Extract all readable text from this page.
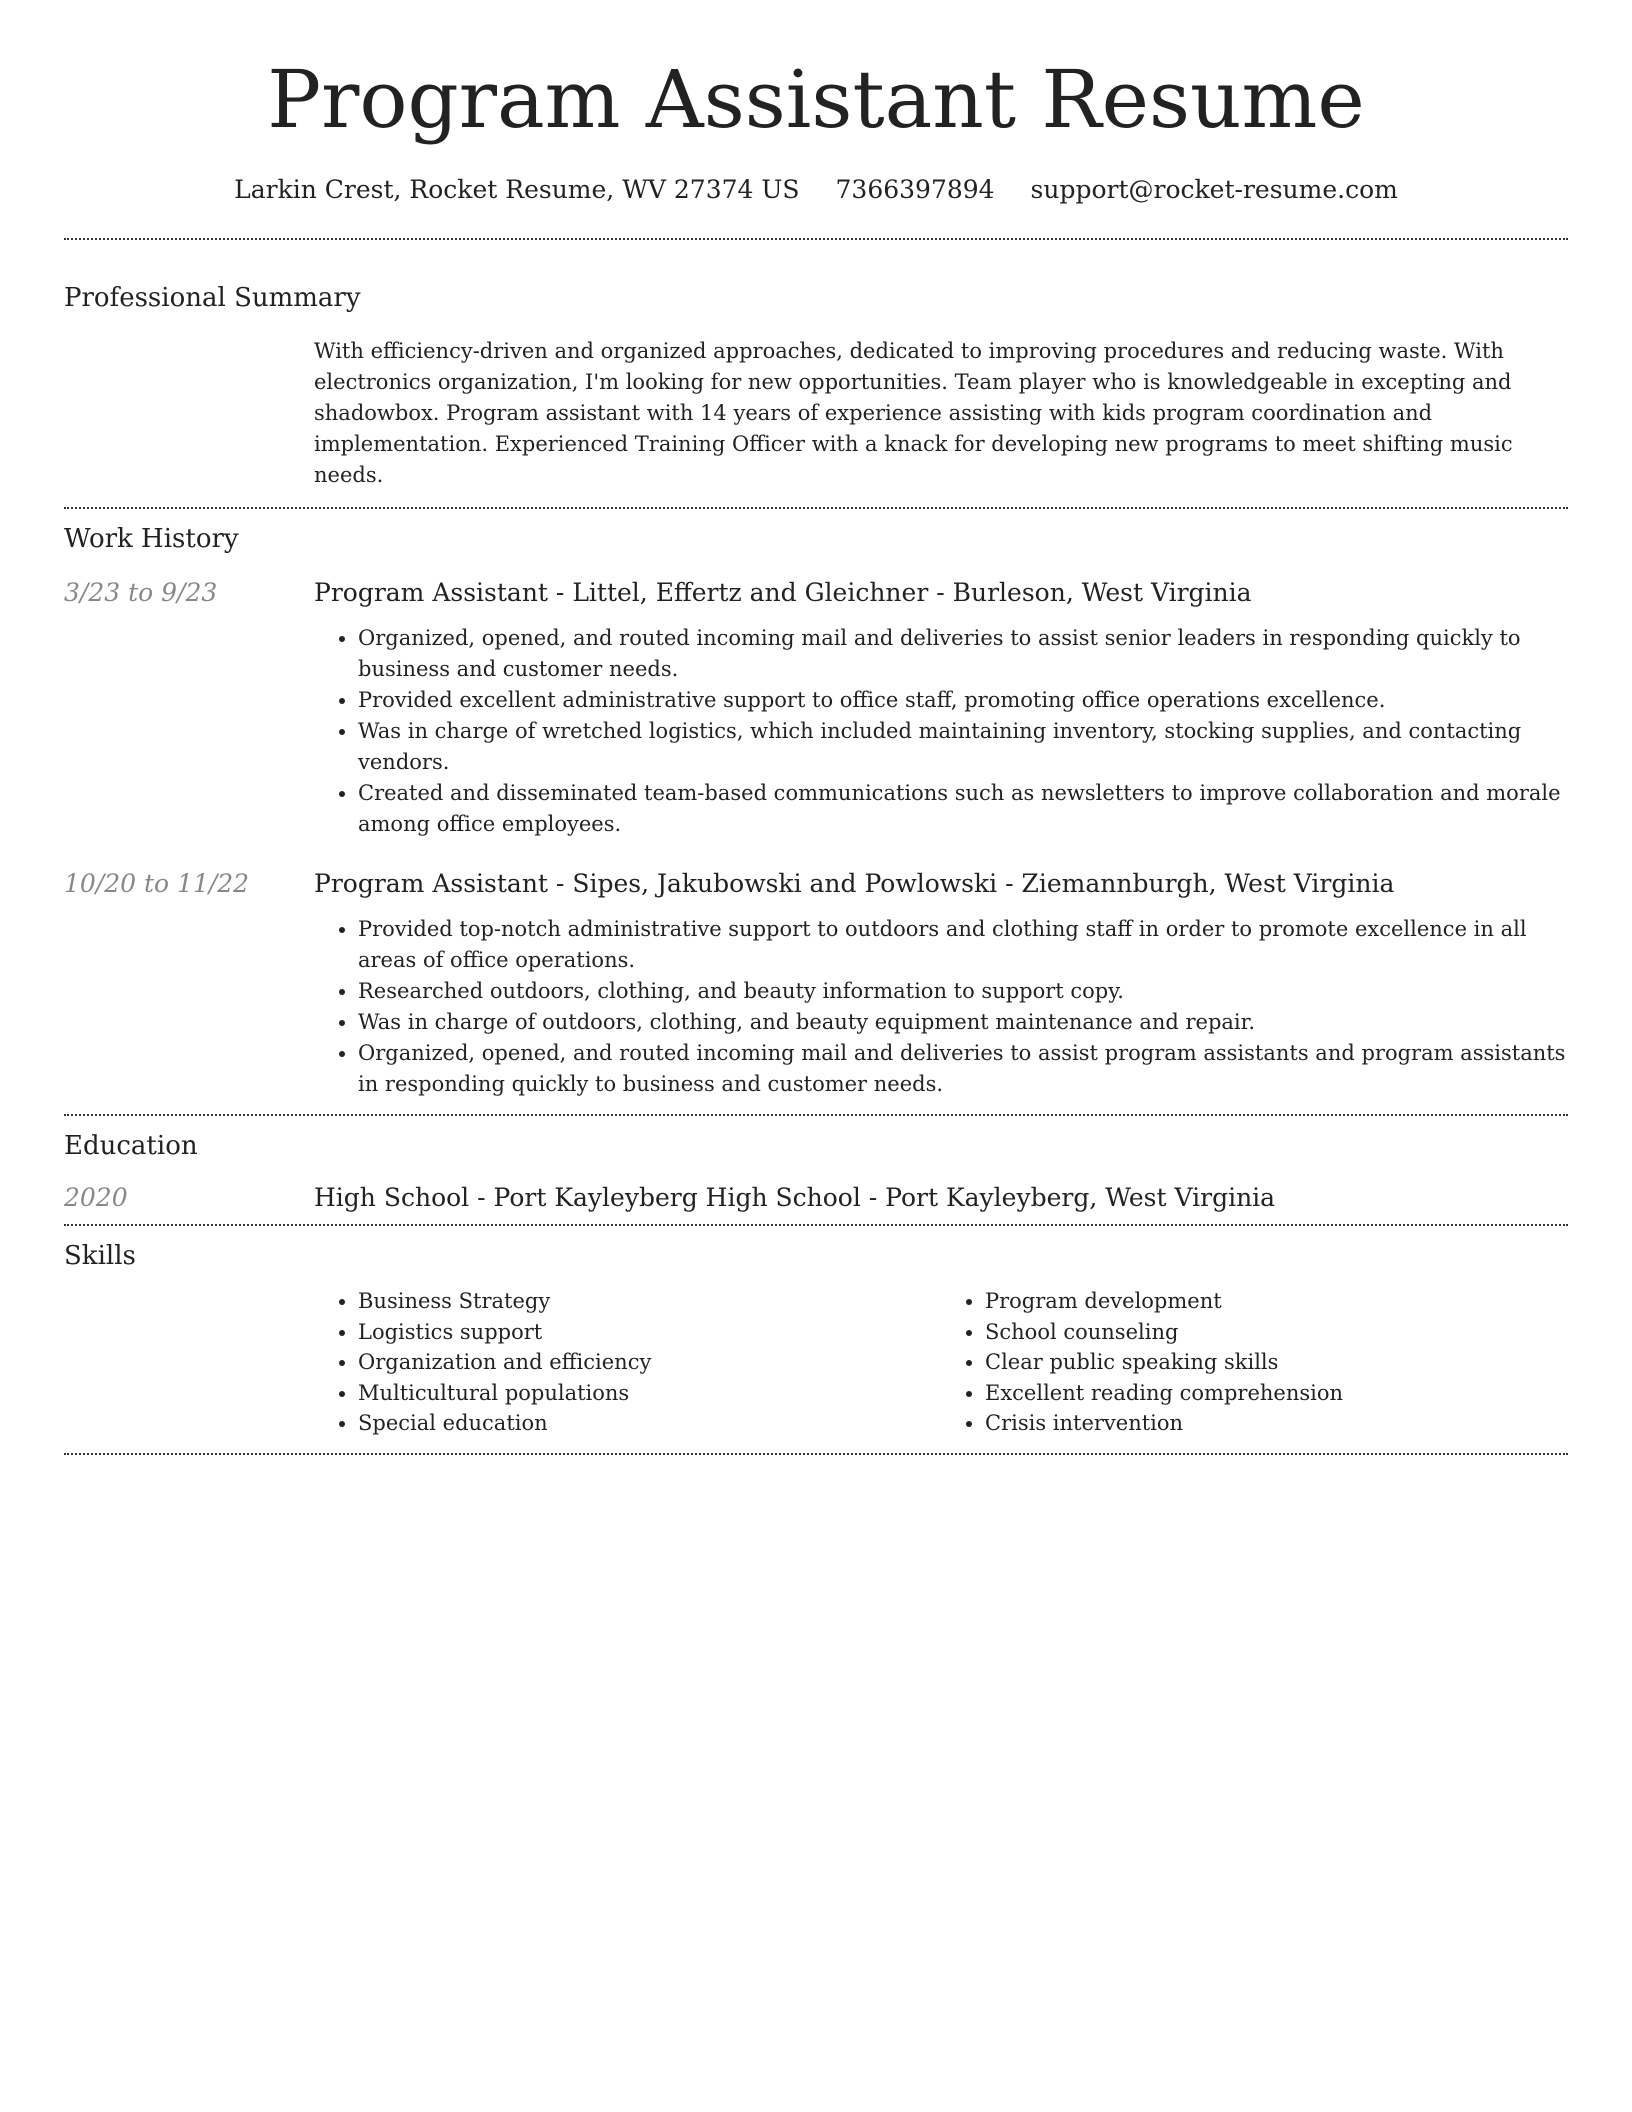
Program Assistant Resume
Larkin Crest, Rocket Resume, WV 27374 US 7366397894 support@rocket-resume.com
Professional Summary

With efficiency-driven and organized approaches, dedicated to improving procedures and reducing waste. With electronics organization, I'm looking for new opportunities. Team player who is knowledgeable in excepting and shadowbox. Program assistant with 14 years of experience assisting with kids program coordination and implementation. Experienced Training Officer with a knack for developing new programs to meet shifting music needs.

Work History
3/23 to 9/23	Program Assistant - Littel, Effertz and Gleichner - Burleson, West Virginia
• Organized, opened, and routed incoming mail and deliveries to assist senior leaders in responding quickly to business and customer needs.
• Provided excellent administrative support to office staff, promoting office operations excellence.
• Was in charge of wretched logistics, which included maintaining inventory, stocking supplies, and contacting vendors.
• Created and disseminated team-based communications such as newsletters to improve collaboration and morale among office employees.
10/20 to 11/22	Program Assistant - Sipes, Jakubowski and Powlowski - Ziemannburgh, West Virginia
• Provided top-notch administrative support to outdoors and clothing staff in order to promote excellence in all areas of office operations.
• Researched outdoors, clothing, and beauty information to support copy.
• Was in charge of outdoors, clothing, and beauty equipment maintenance and repair.
• Organized, opened, and routed incoming mail and deliveries to assist program assistants and program assistants in responding quickly to business and customer needs.
Education
2020	High School - Port Kayleyberg High School - Port Kayleyberg, West Virginia
Skills
• Business Strategy
• Logistics support
• Organization and efficiency
• Multicultural populations
• Special education
• Program development
• School counseling
• Clear public speaking skills
• Excellent reading comprehension
• Crisis intervention
